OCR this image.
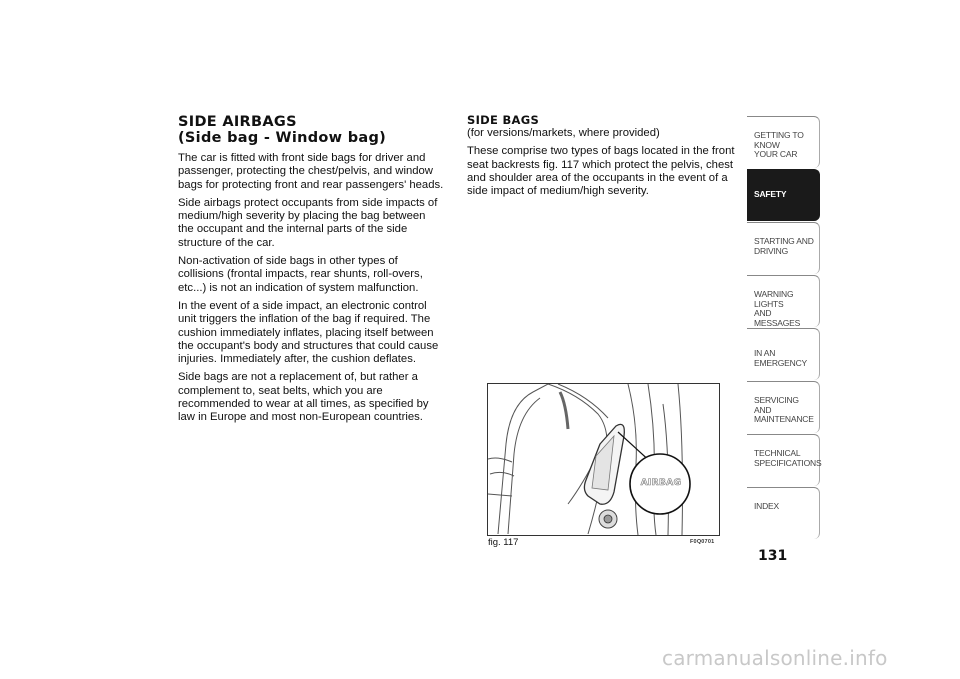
SIDE AIRBAGS
(Side bag - Window bag)

The car is fitted with front side bags for driver and passenger, protecting the chest/pelvis, and window bags for protecting front and rear passengers' heads.

Side airbags protect occupants from side impacts of medium/high severity by placing the bag between the occupant and the internal parts of the side structure of the car.

Non-activation of side bags in other types of collisions (frontal impacts, rear shunts, roll-overs, etc...) is not an indication of system malfunction.

In the event of a side impact, an electronic control unit triggers the inflation of the bag if required. The cushion immediately inflates, placing itself between the occupant's body and structures that could cause injuries. Immediately after, the cushion deflates.

Side bags are not a replacement of, but rather a complement to, seat belts, which you are recommended to wear at all times, as specified by law in Europe and most non-European countries.

SIDE BAGS

(for versions/markets, where provided)

These comprise two types of bags located in the front seat backrests fig. 117 which protect the pelvis, chest and shoulder area of the occupants in the event of a side impact of medium/high severity.

AIRBAG
fig. 117	F0Q0701
GETTING TO KNOW
YOUR CAR
SAFETY
STARTING AND
DRIVING
WARNING LIGHTS
AND MESSAGES
IN AN EMERGENCY
SERVICING AND
MAINTENANCE
TECHNICAL
SPECIFICATIONS
INDEX
131
carmanualsonline.info
